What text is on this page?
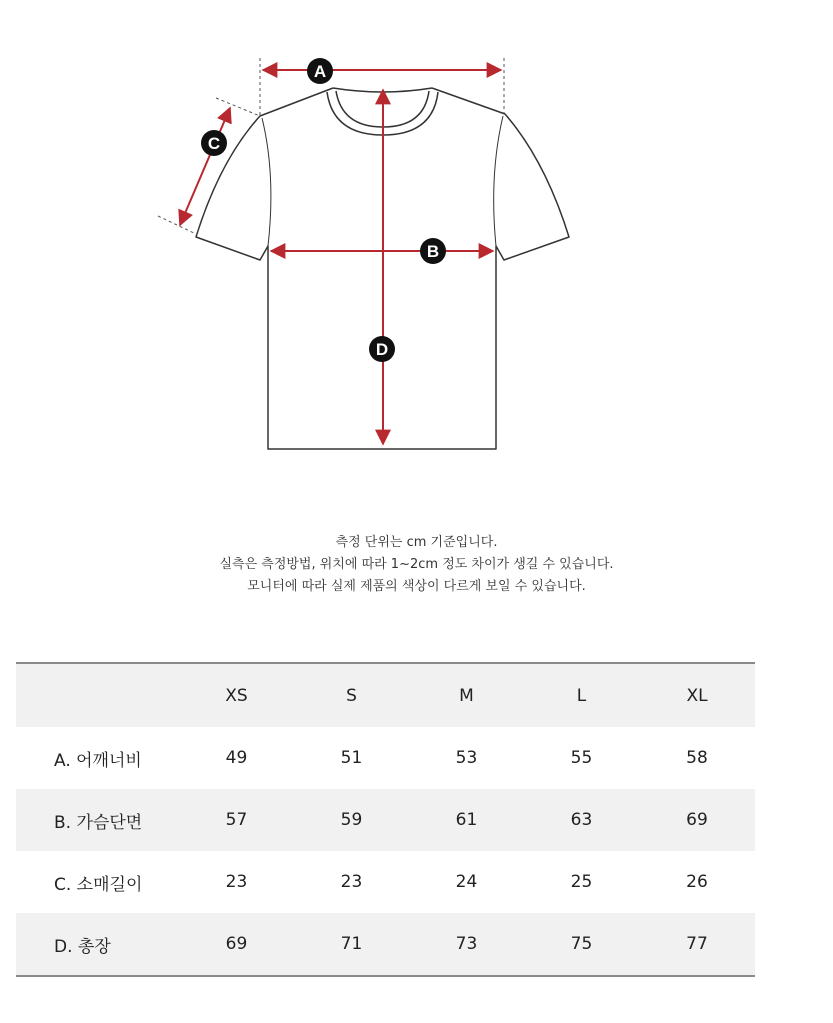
A
B
C
D
측정 단위는 cm 기준입니다.
실측은 측정방법, 위치에 따라 1~2cm 정도 차이가 생길 수 있습니다.
모니터에 따라 실제 제품의 색상이 다르게 보일 수 있습니다.
	XS	S	M	L	XL
A. 어깨너비	49	51	53	55	58
B. 가슴단면	57	59	61	63	69
C. 소매길이	23	23	24	25	26
D. 총장	69	71	73	75	77
